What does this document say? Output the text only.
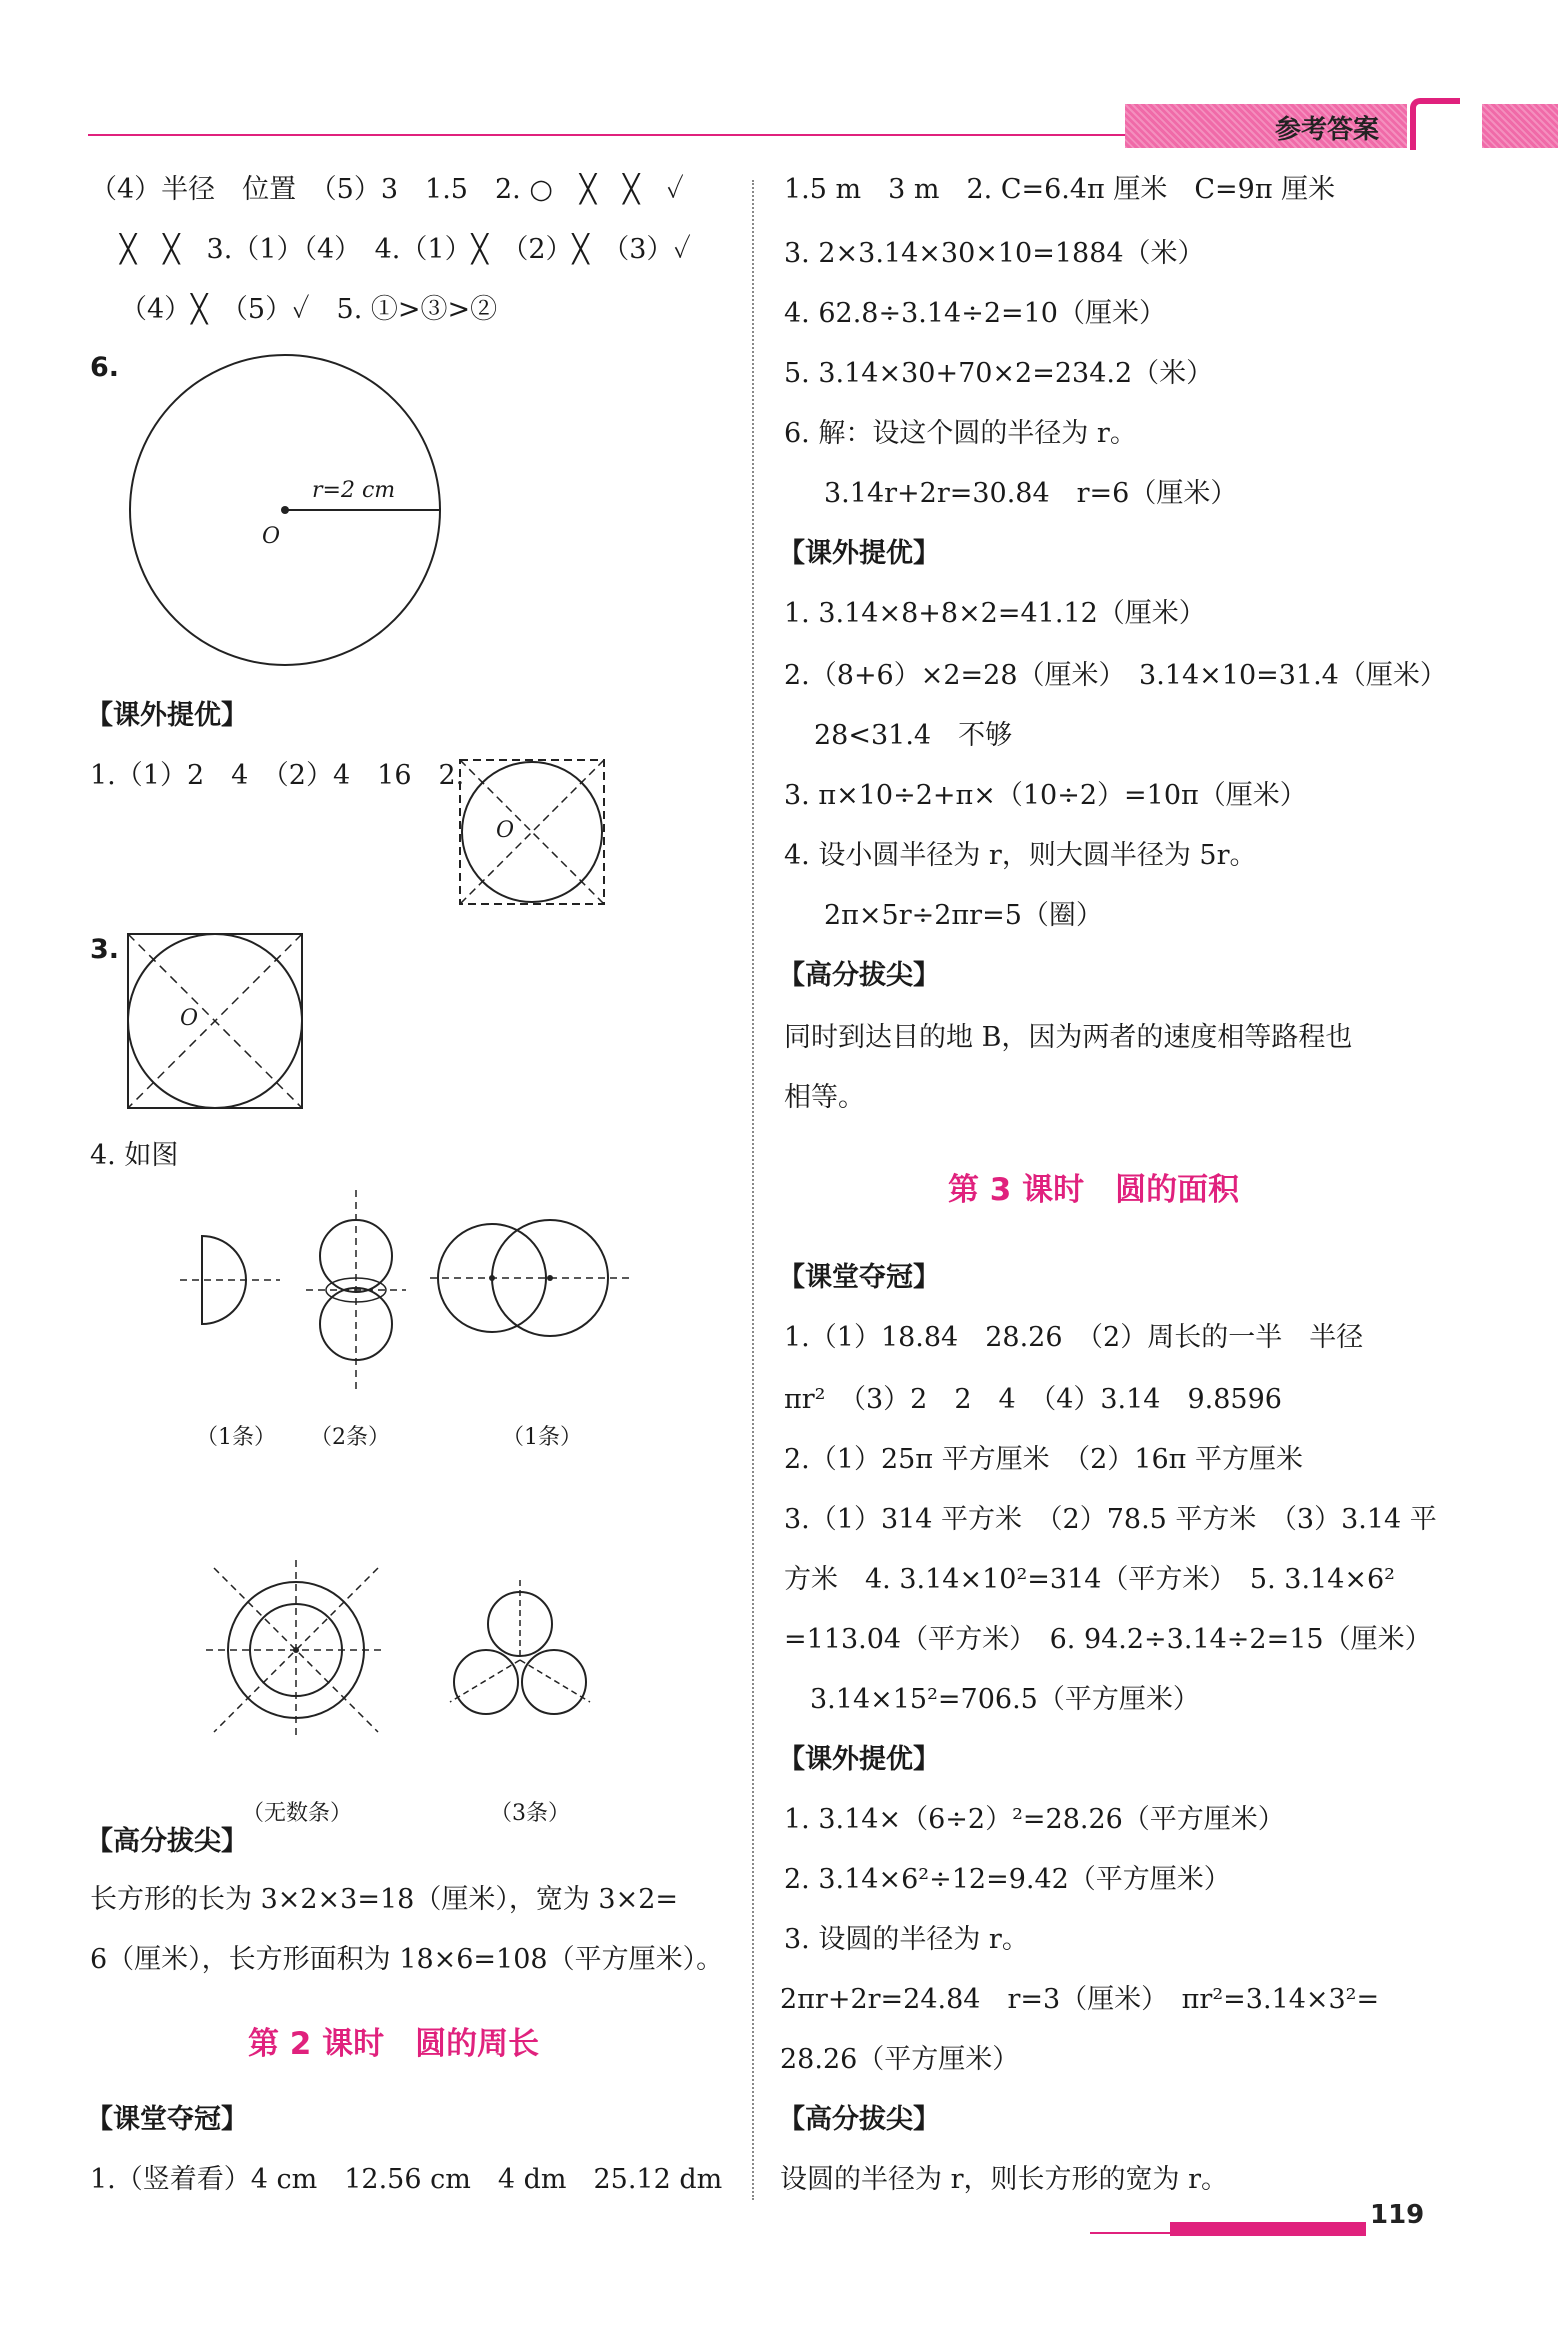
参考答案
（4）半径　位置　（5）3　1.5　2. ○　╳　╳　✓
╳　╳　3.（1）（4）　4.（1）╳　（2）╳　（3）✓
（4）╳　（5）✓　5. ①>③>②
6.
r=2 cm
O
【课外提优】
1.（1）2　4　（2）4　16　2.
O
3.
O
4. 如图
（1条） （2条）	（1条）
（无数条）	（3条）
【高分拔尖】
长方形的长为 3×2×3=18（厘米），宽为 3×2=
6（厘米），长方形面积为 18×6=108（平方厘米）。
第 2 课时　圆的周长
【课堂夺冠】
1.（竖着看）4 cm　12.56 cm　4 dm　25.12 dm
1.5 m　3 m　2. C=6.4π 厘米　C=9π 厘米
3. 2×3.14×30×10=1884（米）
4. 62.8÷3.14÷2=10（厘米）
5. 3.14×30+70×2=234.2（米）
6. 解：设这个圆的半径为 r。
3.14r+2r=30.84　r=6（厘米）
【课外提优】
1. 3.14×8+8×2=41.12（厘米）
2.（8+6）×2=28（厘米）　3.14×10=31.4（厘米）
28<31.4　不够
3. π×10÷2+π×（10÷2）=10π（厘米）
4. 设小圆半径为 r，则大圆半径为 5r。
2π×5r÷2πr=5（圈）
【高分拔尖】
同时到达目的地 B，因为两者的速度相等路程也
相等。
第 3 课时　圆的面积
【课堂夺冠】
1.（1）18.84　28.26　（2）周长的一半　半径
πr²　（3）2　2　4　（4）3.14　9.8596
2.（1）25π 平方厘米　（2）16π 平方厘米
3.（1）314 平方米　（2）78.5 平方米　（3）3.14 平
方米　4. 3.14×10²=314（平方米）　5. 3.14×6²
=113.04（平方米）　6. 94.2÷3.14÷2=15（厘米）
3.14×15²=706.5（平方厘米）
【课外提优】
1. 3.14×（6÷2）²=28.26（平方厘米）
2. 3.14×6²÷12=9.42（平方厘米）
3. 设圆的半径为 r。
2πr+2r=24.84　r=3（厘米）　πr²=3.14×3²=
28.26（平方厘米）
【高分拔尖】
设圆的半径为 r，则长方形的宽为 r。
119
